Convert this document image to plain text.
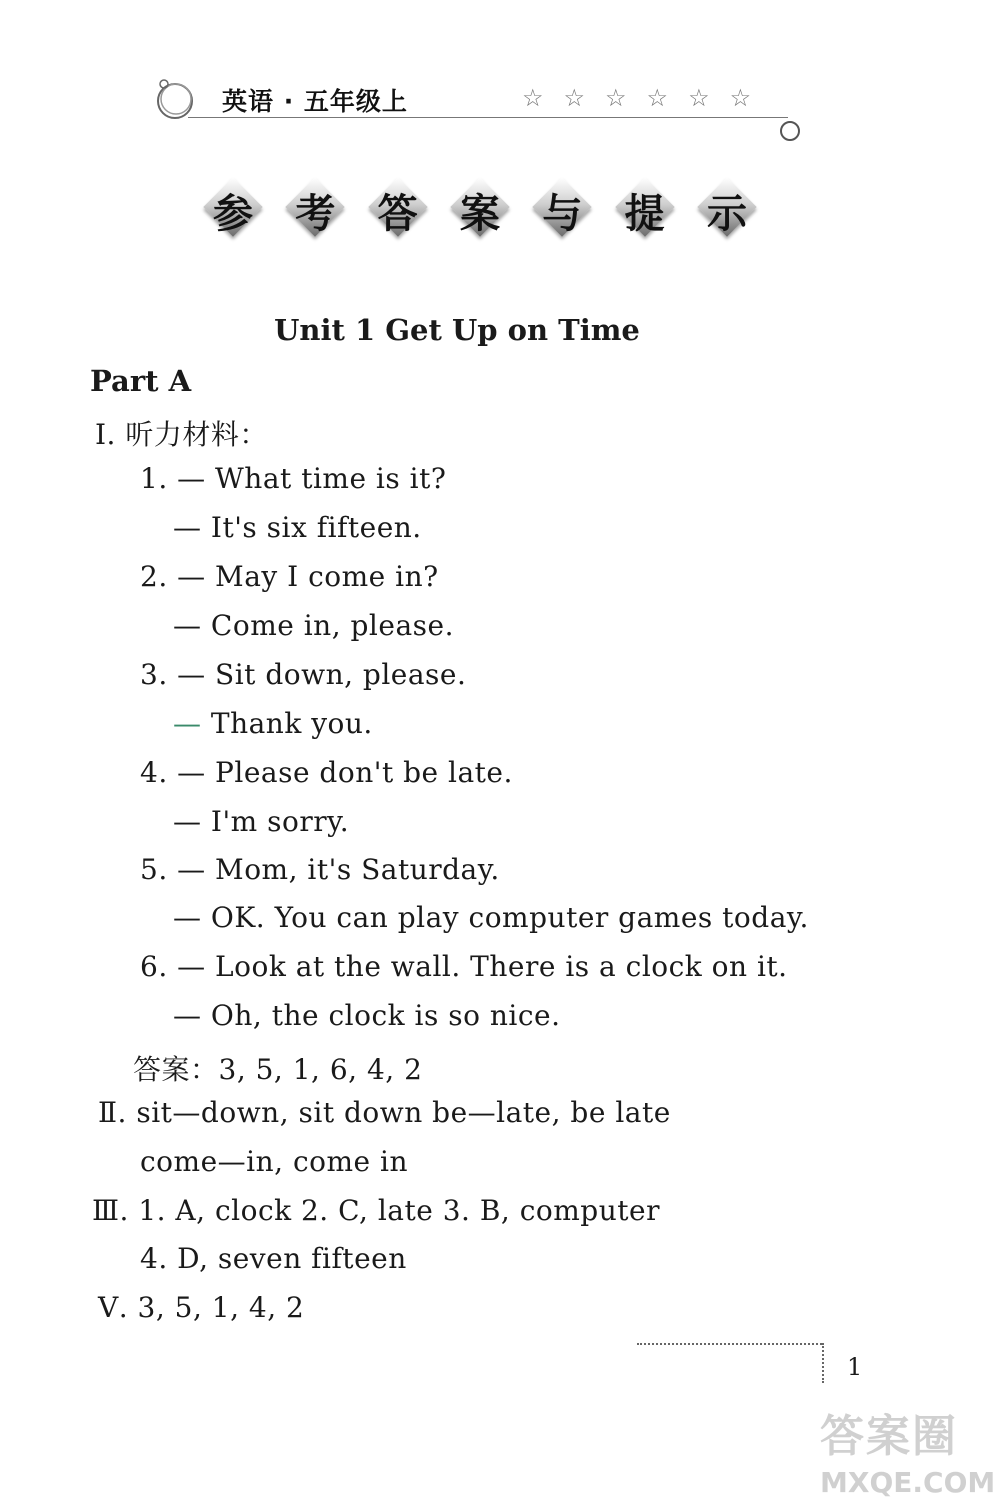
英语 · 五年级上	☆☆☆☆☆☆
参	考	答	案	与	提	示
Unit 1 Get Up on Time
Part A
Ⅰ. 听力材料：
1. — What time is it?
— It's six fifteen.
2. — May I come in?
— Come in, please.
3. — Sit down, please.
— Thank you.
4. — Please don't be late.
— I'm sorry.
5. — Mom, it's Saturday.
— OK. You can play computer games today.
6. — Look at the wall. There is a clock on it.
— Oh, the clock is so nice.
答案：3, 5, 1, 6, 4, 2
Ⅱ. sit—down, sit down be—late, be late
come—in, come in
Ⅲ. 1. A, clock 2. C, late 3. B, computer
4. D, seven fifteen
Ⅴ. 3, 5, 1, 4, 2
1
答案圈
MXQE.COM
